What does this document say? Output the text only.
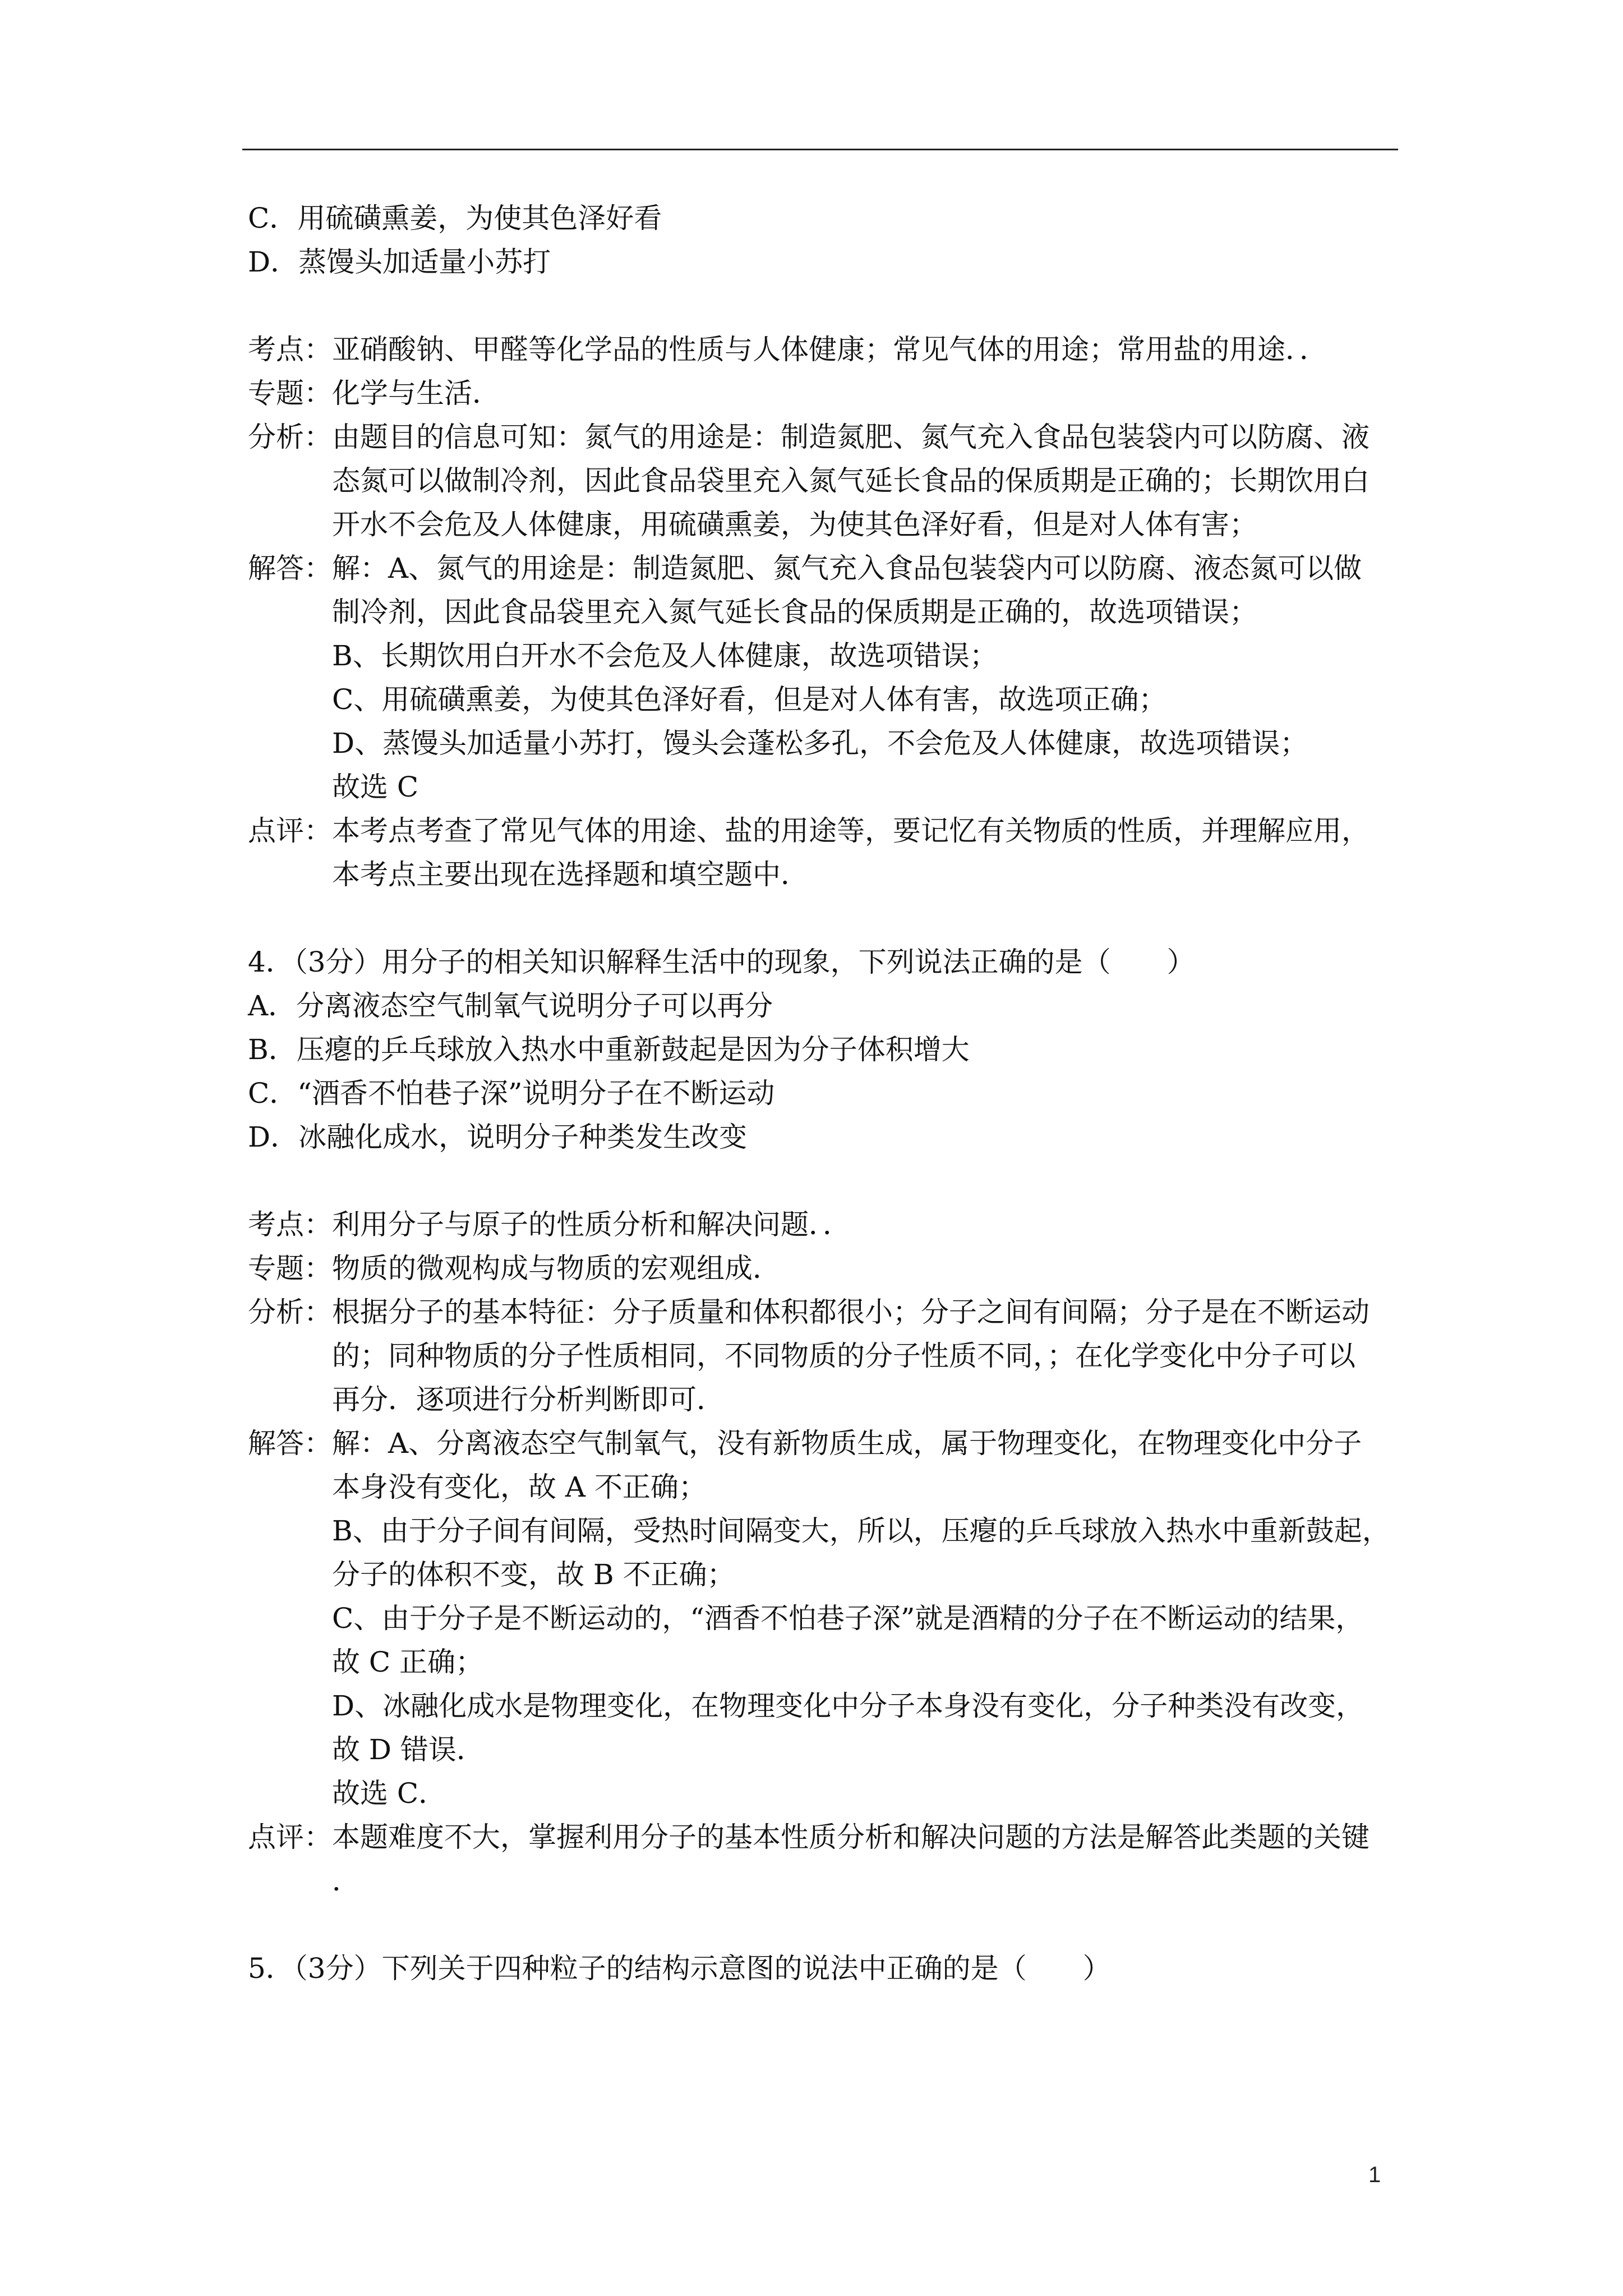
C．用硫磺熏姜，为使其色泽好看
D．蒸馒头加适量小苏打
考点： 亚硝酸钠、甲醛等化学品的性质与人体健康；常见气体的用途；常用盐的用途．．
专题： 化学与生活．
分析： 由题目的信息可知：氮气的用途是：制造氮肥、氮气充入食品包装袋内可以防腐、液
态氮可以做制冷剂，因此食品袋里充入氮气延长食品的保质期是正确的；长期饮用白
开水不会危及人体健康，用硫磺熏姜，为使其色泽好看，但是对人体有害；
解答： 解：A、氮气的用途是：制造氮肥、氮气充入食品包装袋内可以防腐、液态氮可以做
制冷剂，因此食品袋里充入氮气延长食品的保质期是正确的，故选项错误；
B、长期饮用白开水不会危及人体健康，故选项错误；
C、用硫磺熏姜，为使其色泽好看，但是对人体有害，故选项正确；
D、蒸馒头加适量小苏打，馒头会蓬松多孔，不会危及人体健康，故选项错误；
故选 C
点评： 本考点考查了常见气体的用途、盐的用途等，要记忆有关物质的性质，并理解应用，
本考点主要出现在选择题和填空题中．
4．（3分）用分子的相关知识解释生活中的现象，下列说法正确的是（　　）
A．分离液态空气制氧气说明分子可以再分
B．压瘪的乒乓球放入热水中重新鼓起是因为分子体积增大
C．“酒香不怕巷子深”说明分子在不断运动
D．冰融化成水，说明分子种类发生改变
考点： 利用分子与原子的性质分析和解决问题．．
专题： 物质的微观构成与物质的宏观组成．
分析： 根据分子的基本特征：分子质量和体积都很小；分子之间有间隔；分子是在不断运动
的；同种物质的分子性质相同，不同物质的分子性质不同，；在化学变化中分子可以
再分．逐项进行分析判断即可．
解答： 解：A、分离液态空气制氧气，没有新物质生成，属于物理变化，在物理变化中分子
本身没有变化，故 A 不正确；
B、由于分子间有间隔，受热时间隔变大，所以，压瘪的乒乓球放入热水中重新鼓起，
分子的体积不变，故 B 不正确；
C、由于分子是不断运动的，“酒香不怕巷子深”就是酒精的分子在不断运动的结果，
故 C 正确；
D、冰融化成水是物理变化，在物理变化中分子本身没有变化，分子种类没有改变，
故 D 错误．
故选 C．
点评： 本题难度不大，掌握利用分子的基本性质分析和解决问题的方法是解答此类题的关键
．
5．（3分）下列关于四种粒子的结构示意图的说法中正确的是（　　）
1
